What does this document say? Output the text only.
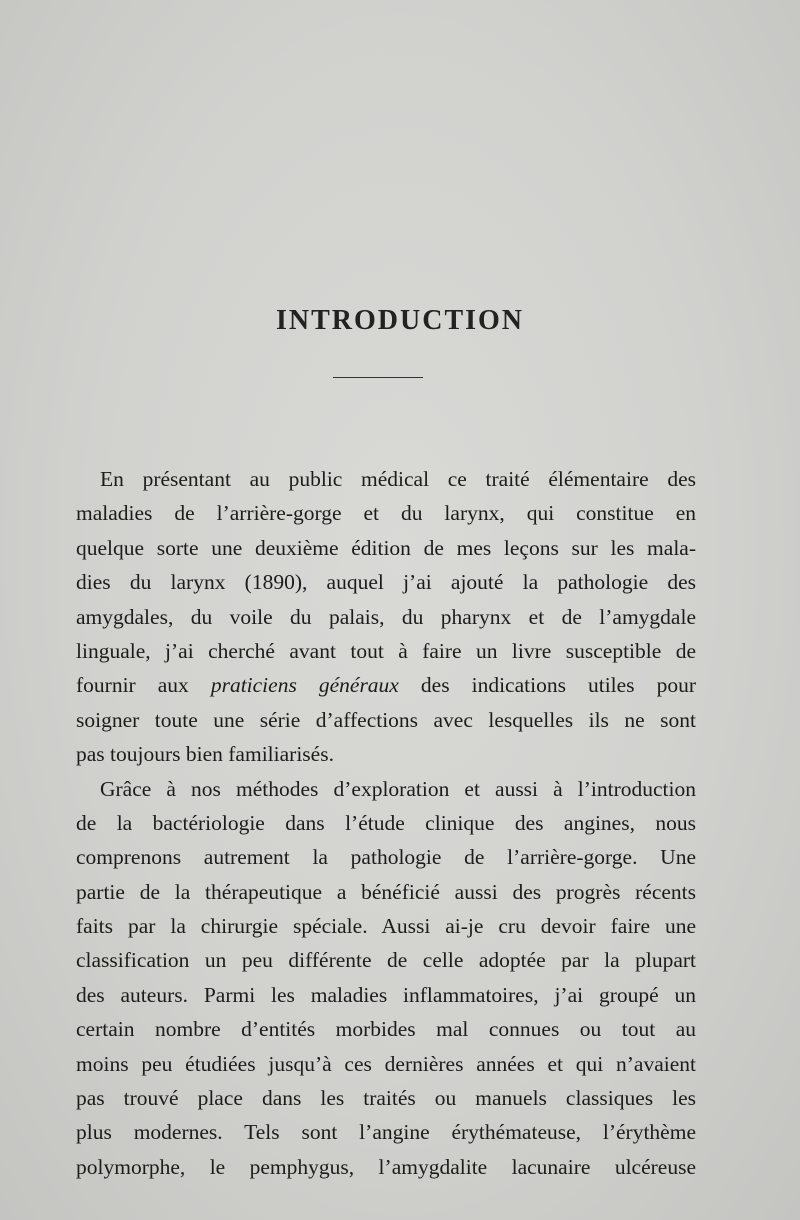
INTRODUCTION
En présentant au public médical ce traité élémentaire des
maladies de l’arrière-gorge et du larynx, qui constitue en
quelque sorte une deuxième édition de mes leçons sur les mala-
dies du larynx (1890), auquel j’ai ajouté la pathologie des
amygdales, du voile du palais, du pharynx et de l’amygdale
linguale, j’ai cherché avant tout à faire un livre susceptible de
fournir aux praticiens généraux des indications utiles pour
soigner toute une série d’affections avec lesquelles ils ne sont
pas toujours bien familiarisés.
Grâce à nos méthodes d’exploration et aussi à l’introduction
de la bactériologie dans l’étude clinique des angines, nous
comprenons autrement la pathologie de l’arrière-gorge. Une
partie de la thérapeutique a bénéficié aussi des progrès récents
faits par la chirurgie spéciale. Aussi ai-je cru devoir faire une
classification un peu différente de celle adoptée par la plupart
des auteurs. Parmi les maladies inflammatoires, j’ai groupé un
certain nombre d’entités morbides mal connues ou tout au
moins peu étudiées jusqu’à ces dernières années et qui n’avaient
pas trouvé place dans les traités ou manuels classiques les
plus modernes. Tels sont l’angine érythémateuse, l’érythème
polymorphe, le pemphygus, l’amygdalite lacunaire ulcéreuse
